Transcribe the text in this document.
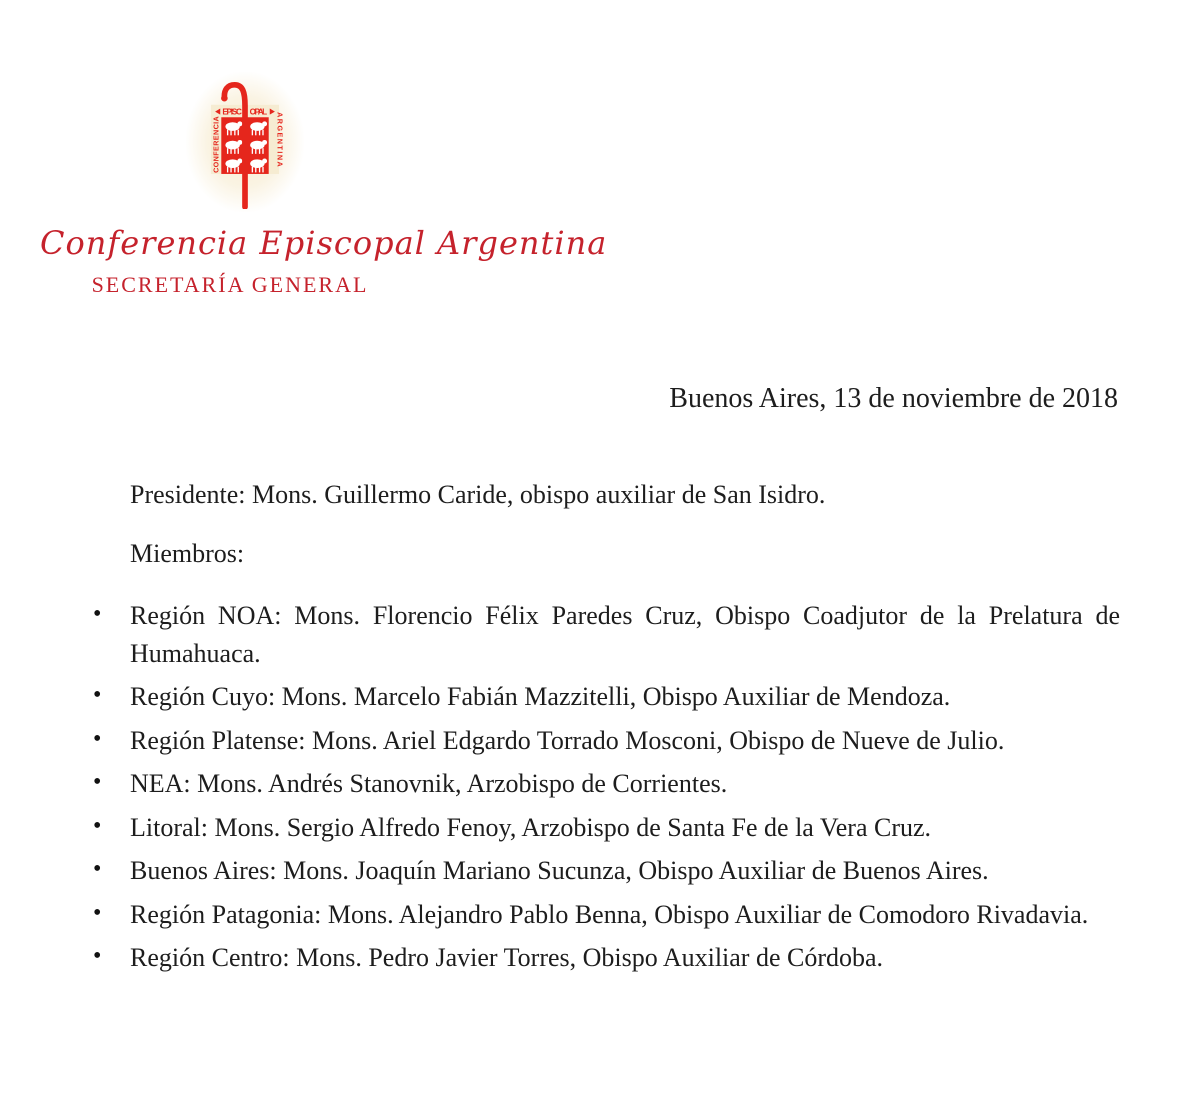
EPISC OPAL
CONFERENCIA
ARGENTINA
Conferencia Episcopal Argentina
SECRETARÍA GENERAL

Buenos Aires, 13 de noviembre de 2018

Presidente: Mons. Guillermo Caride, obispo auxiliar de San Isidro.

Miembros:

• Región NOA: Mons. Florencio Félix Paredes Cruz, Obispo Coadjutor de la Prelatura de Humahuaca.
• Región Cuyo: Mons. Marcelo Fabián Mazzitelli, Obispo Auxiliar de Mendoza.
• Región Platense: Mons. Ariel Edgardo Torrado Mosconi, Obispo de Nueve de Julio.
• NEA: Mons. Andrés Stanovnik, Arzobispo de Corrientes.
• Litoral: Mons. Sergio Alfredo Fenoy, Arzobispo de Santa Fe de la Vera Cruz.
• Buenos Aires: Mons. Joaquín Mariano Sucunza, Obispo Auxiliar de Buenos Aires.
• Región Patagonia: Mons. Alejandro Pablo Benna, Obispo Auxiliar de Comodoro Rivadavia.
• Región Centro: Mons. Pedro Javier Torres, Obispo Auxiliar de Córdoba.
